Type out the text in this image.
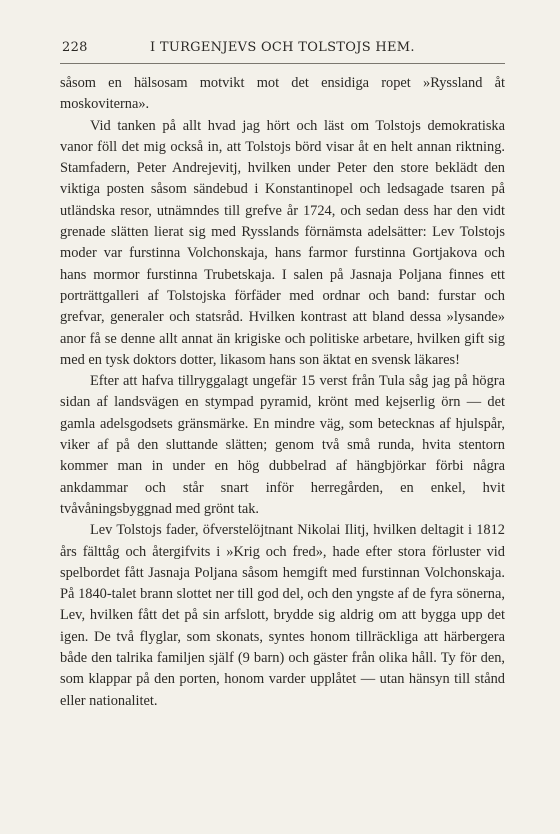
228	I TURGENJEVS OCH TOLSTOJS HEM.

såsom en hälsosam motvikt mot det ensidiga ropet »Ryssland åt moskoviterna».

Vid tanken på allt hvad jag hört och läst om Tolstojs demokratiska vanor föll det mig också in, att Tolstojs börd visar åt en helt annan riktning. Stamfadern, Peter Andrejevitj, hvilken under Peter den store beklädt den viktiga posten såsom sändebud i Konstantinopel och ledsagade tsaren på utländska resor, utnämndes till grefve år 1724, och sedan dess har den vidt grenade slätten lierat sig med Rysslands förnämsta adelsätter: Lev Tolstojs moder var furstinna Volchonskaja, hans farmor furstinna Gortjakova och hans mormor furstinna Trubetskaja. I salen på Jasnaja Poljana finnes ett porträttgalleri af Tolstojska förfäder med ordnar och band: furstar och grefvar, generaler och statsråd. Hvilken kontrast att bland dessa »lysande» anor få se denne allt annat än krigiske och politiske arbetare, hvilken gift sig med en tysk doktors dotter, likasom hans son äktat en svensk läkares!

Efter att hafva tillryggalagt ungefär 15 verst från Tula såg jag på högra sidan af landsvägen en stympad pyramid, krönt med kejserlig örn — det gamla adelsgodsets gränsmärke. En mindre väg, som betecknas af hjulspår, viker af på den sluttande slätten; genom två små runda, hvita stentorn kommer man in under en hög dubbelrad af hängbjörkar förbi några ankdammar och står snart inför herregården, en enkel, hvit tvåvåningsbyggnad med grönt tak.

Lev Tolstojs fader, öfverstelöjtnant Nikolai Ilitj, hvilken deltagit i 1812 års fälttåg och återgifvits i »Krig och fred», hade efter stora förluster vid spelbordet fått Jasnaja Poljana såsom hemgift med furstinnan Volchonskaja. På 1840-talet brann slottet ner till god del, och den yngste af de fyra sönerna, Lev, hvilken fått det på sin arfslott, brydde sig aldrig om att bygga upp det igen. De två flyglar, som skonats, syntes honom tillräckliga att härbergera både den talrika familjen själf (9 barn) och gäster från olika håll. Ty för den, som klappar på den porten, honom varder upplåtet — utan hänsyn till stånd eller nationalitet.
